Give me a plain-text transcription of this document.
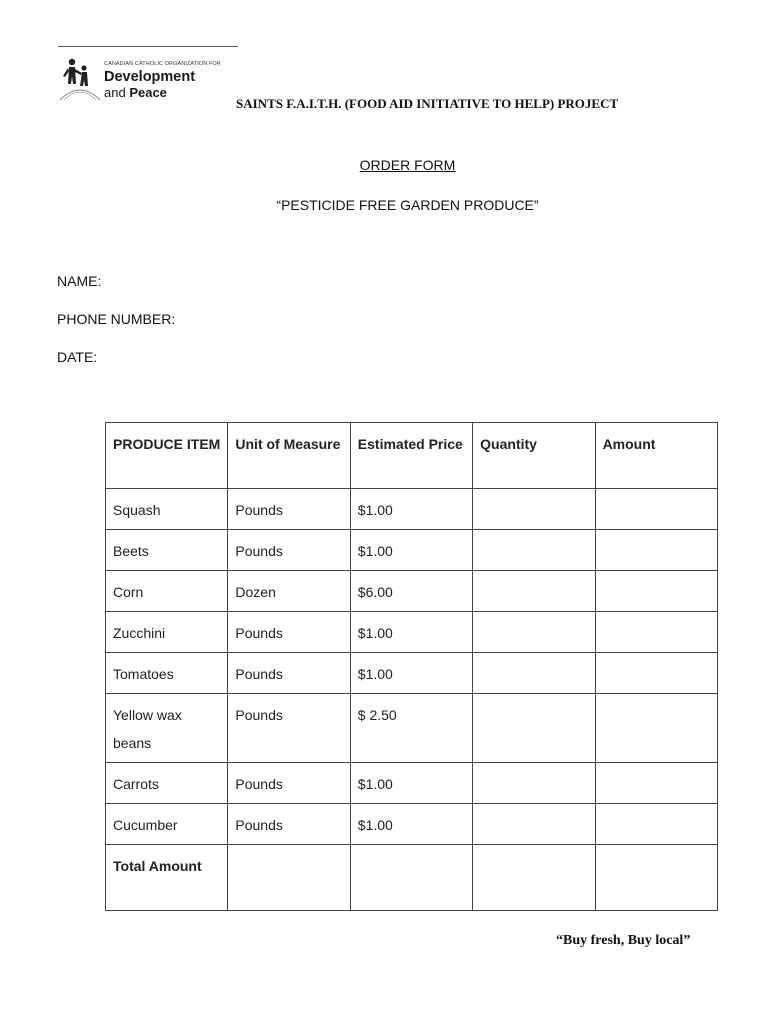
CANADIAN CATHOLIC ORGANIZATION FOR
Development
and Peace
SAINTS F.A.I.T.H. (FOOD AID INITIATIVE TO HELP) PROJECT
ORDER FORM
“PESTICIDE FREE GARDEN PRODUCE”
NAME:
PHONE NUMBER:
DATE:
PRODUCE ITEM	Unit of Measure	Estimated Price	Quantity	Amount
Squash	Pounds	$1.00		
Beets	Pounds	$1.00		
Corn	Dozen	$6.00		
Zucchini	Pounds	$1.00		
Tomatoes	Pounds	$1.00		
Yellow wax beans	Pounds	$ 2.50		
Carrots	Pounds	$1.00		
Cucumber	Pounds	$1.00		
Total Amount				
“Buy fresh, Buy local”
